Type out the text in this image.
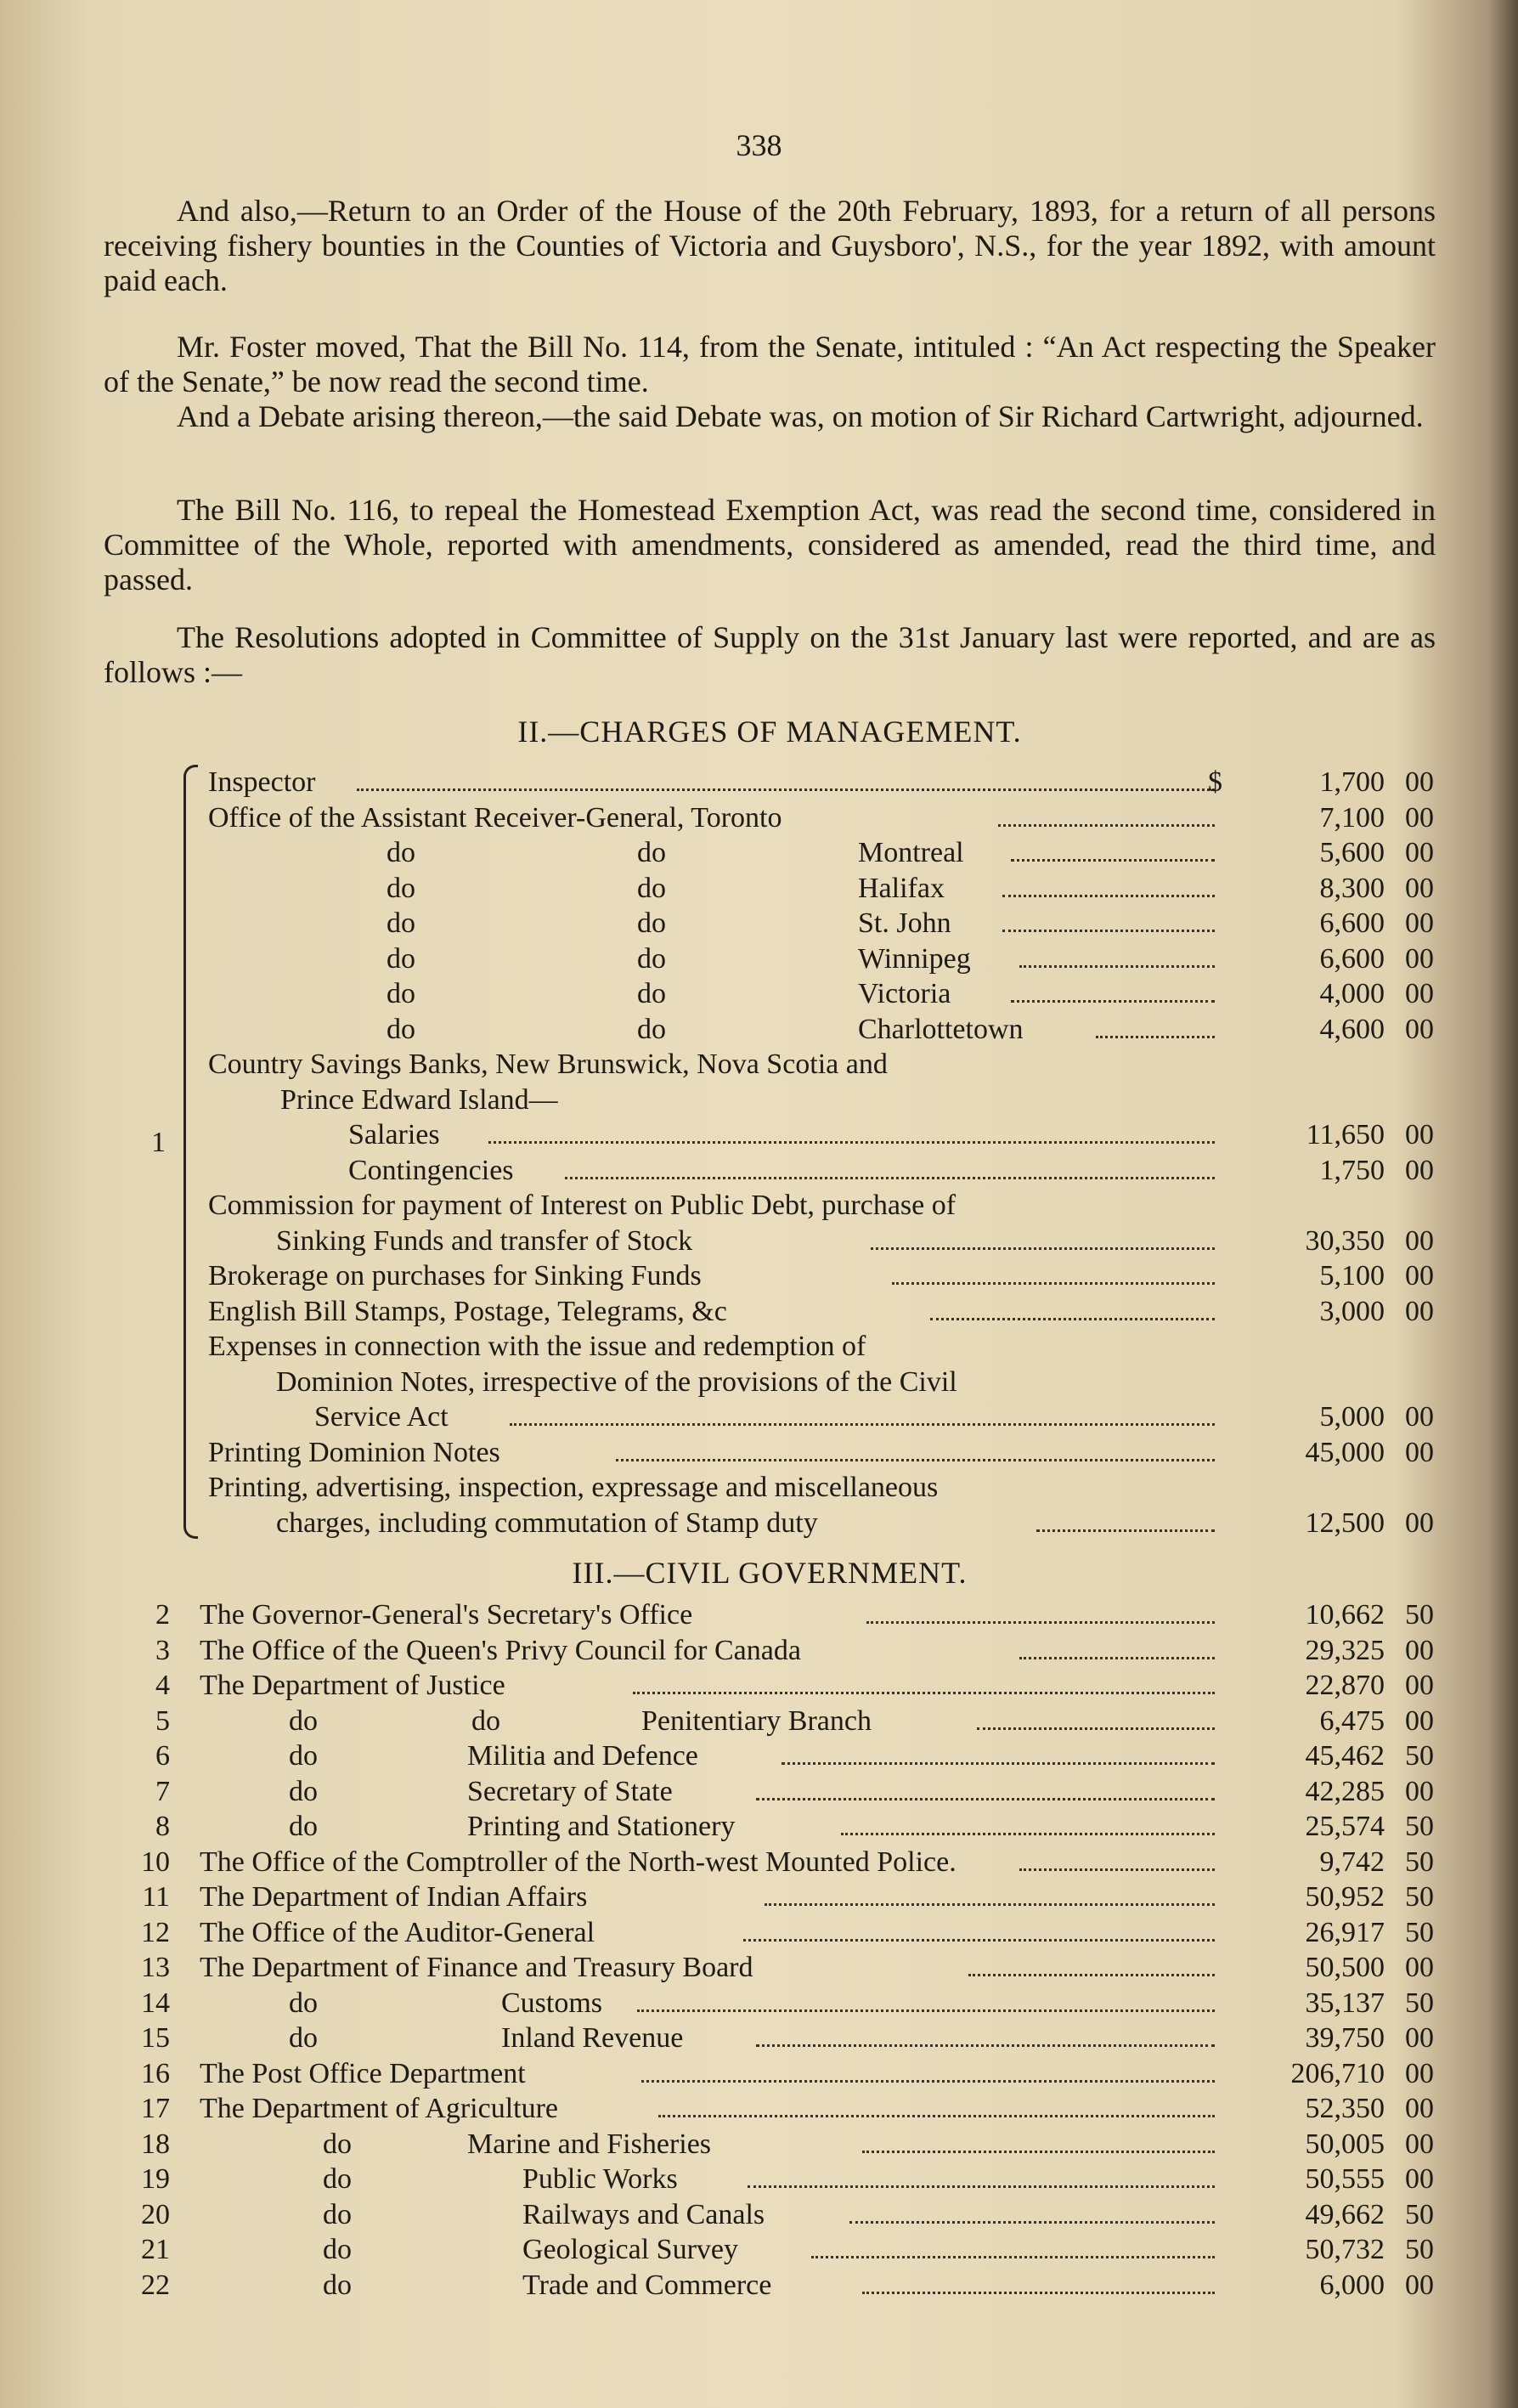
338

And also,—Return to an Order of the House of the 20th February, 1893, for a return of all persons receiving fishery bounties in the Counties of Victoria and Guysboro', N.S., for the year 1892, with amount paid each.

Mr. Foster moved, That the Bill No. 114, from the Senate, intituled : “An Act respecting the Speaker of the Senate,” be now read the second time.

And a Debate arising thereon,—the said Debate was, on motion of Sir Richard Cartwright, adjourned.

The Bill No. 116, to repeal the Homestead Exemption Act, was read the second time, considered in Committee of the Whole, reported with amendments, considered as amended, read the third time, and passed.

The Resolutions adopted in Committee of Supply on the 31st January last were reported, and are as follows :—

II.—CHARGES OF MANAGEMENT.
1
Inspector	1,700 00
$
Office of the Assistant Receiver-General, Toronto	7,100 00
do	do	Montreal	5,600 00
do	do	Halifax	8,300 00
do	do	St. John	6,600 00
do	do	Winnipeg	6,600 00
do	do	Victoria	4,000 00
do	do	Charlottetown	4,600 00
Country Savings Banks, New Brunswick, Nova Scotia and
Prince Edward Island—
Salaries	11,650 00
Contingencies	1,750 00
Commission for payment of Interest on Public Debt, purchase of
Sinking Funds and transfer of Stock	30,350 00
Brokerage on purchases for Sinking Funds	5,100 00
English Bill Stamps, Postage, Telegrams, &c	3,000 00
Expenses in connection with the issue and redemption of
Dominion Notes, irrespective of the provisions of the Civil
Service Act	5,000 00
Printing Dominion Notes	45,000 00
Printing, advertising, inspection, expressage and miscellaneous
charges, including commutation of Stamp duty	12,500 00
III.—CIVIL GOVERNMENT.
2 The Governor-General's Secretary's Office	10,662 50
3 The Office of the Queen's Privy Council for Canada	29,325 00
4 The Department of Justice	22,870 00
5	do	do	Penitentiary Branch	6,475 00
6	do	Militia and Defence	45,462 50
7	do	Secretary of State	42,285 00
8	do	Printing and Stationery	25,574 50
10 The Office of the Comptroller of the North-west Mounted Police.	9,742 50
11 The Department of Indian Affairs	50,952 50
12 The Office of the Auditor-General	26,917 50
13 The Department of Finance and Treasury Board	50,500 00
14	do	Customs	35,137 50
15	do	Inland Revenue	39,750 00
16 The Post Office Department	206,710 00
17 The Department of Agriculture	52,350 00
18	do	Marine and Fisheries	50,005 00
19	do	Public Works	50,555 00
20	do	Railways and Canals	49,662 50
21	do	Geological Survey	50,732 50
22	do	Trade and Commerce	6,000 00
